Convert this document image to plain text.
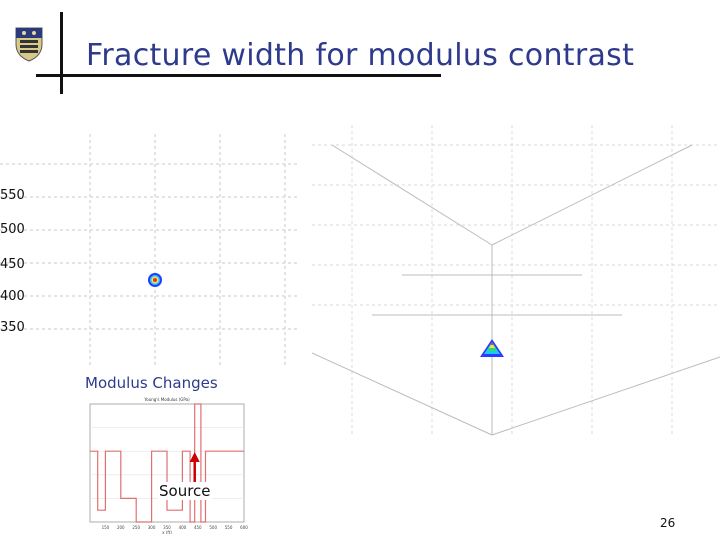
Fracture width for modulus contrast
550
500
450
400
350
Modulus Changes
Young's Modulus (GPa)
150 200 250 300 350 400 450 500 550 600
x (ft)
Source
26
